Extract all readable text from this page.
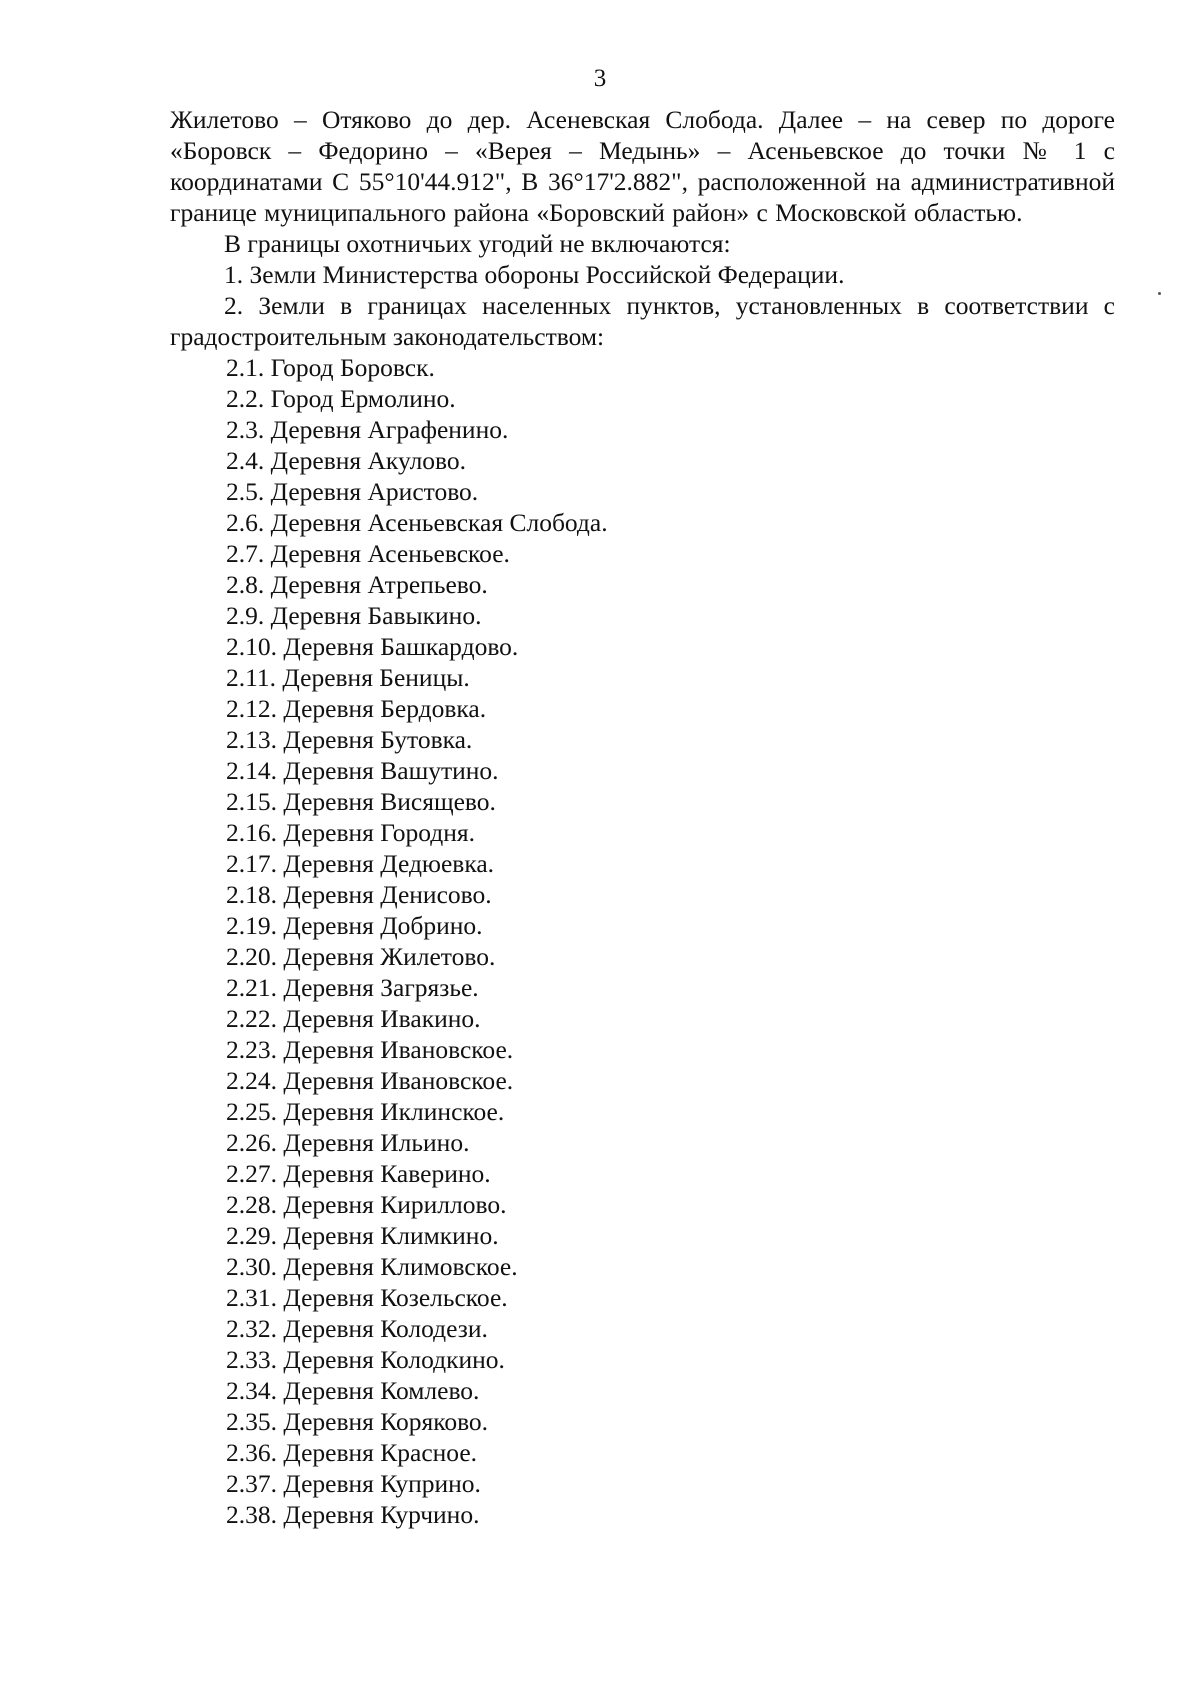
3

Жилетово – Отяково до дер. Асеневская Слобода. Далее – на север по дороге «Боровск – Федорино – «Верея – Медынь» – Асеньевское до точки № 1 с координатами С 55°10'44.912", В 36°17'2.882", расположенной на административной границе муниципального района «Боровский район» с Московской областью.

В границы охотничьих угодий не включаются:

1. Земли Министерства обороны Российской Федерации.

2. Земли в границах населенных пунктов, установленных в соответствии с градостроительным законодательством:

2.1. Город Боровск.
2.2. Город Ермолино.
2.3. Деревня Аграфенино.
2.4. Деревня Акулово.
2.5. Деревня Аристово.
2.6. Деревня Асеньевская Слобода.
2.7. Деревня Асеньевское.
2.8. Деревня Атрепьево.
2.9. Деревня Бавыкино.
2.10. Деревня Башкардово.
2.11. Деревня Беницы.
2.12. Деревня Бердовка.
2.13. Деревня Бутовка.
2.14. Деревня Вашутино.
2.15. Деревня Висящево.
2.16. Деревня Городня.
2.17. Деревня Дедюевка.
2.18. Деревня Денисово.
2.19. Деревня Добрино.
2.20. Деревня Жилетово.
2.21. Деревня Загрязье.
2.22. Деревня Ивакино.
2.23. Деревня Ивановское.
2.24. Деревня Ивановское.
2.25. Деревня Иклинское.
2.26. Деревня Ильино.
2.27. Деревня Каверино.
2.28. Деревня Кириллово.
2.29. Деревня Климкино.
2.30. Деревня Климовское.
2.31. Деревня Козельское.
2.32. Деревня Колодези.
2.33. Деревня Колодкино.
2.34. Деревня Комлево.
2.35. Деревня Коряково.
2.36. Деревня Красное.
2.37. Деревня Куприно.
2.38. Деревня Курчино.
